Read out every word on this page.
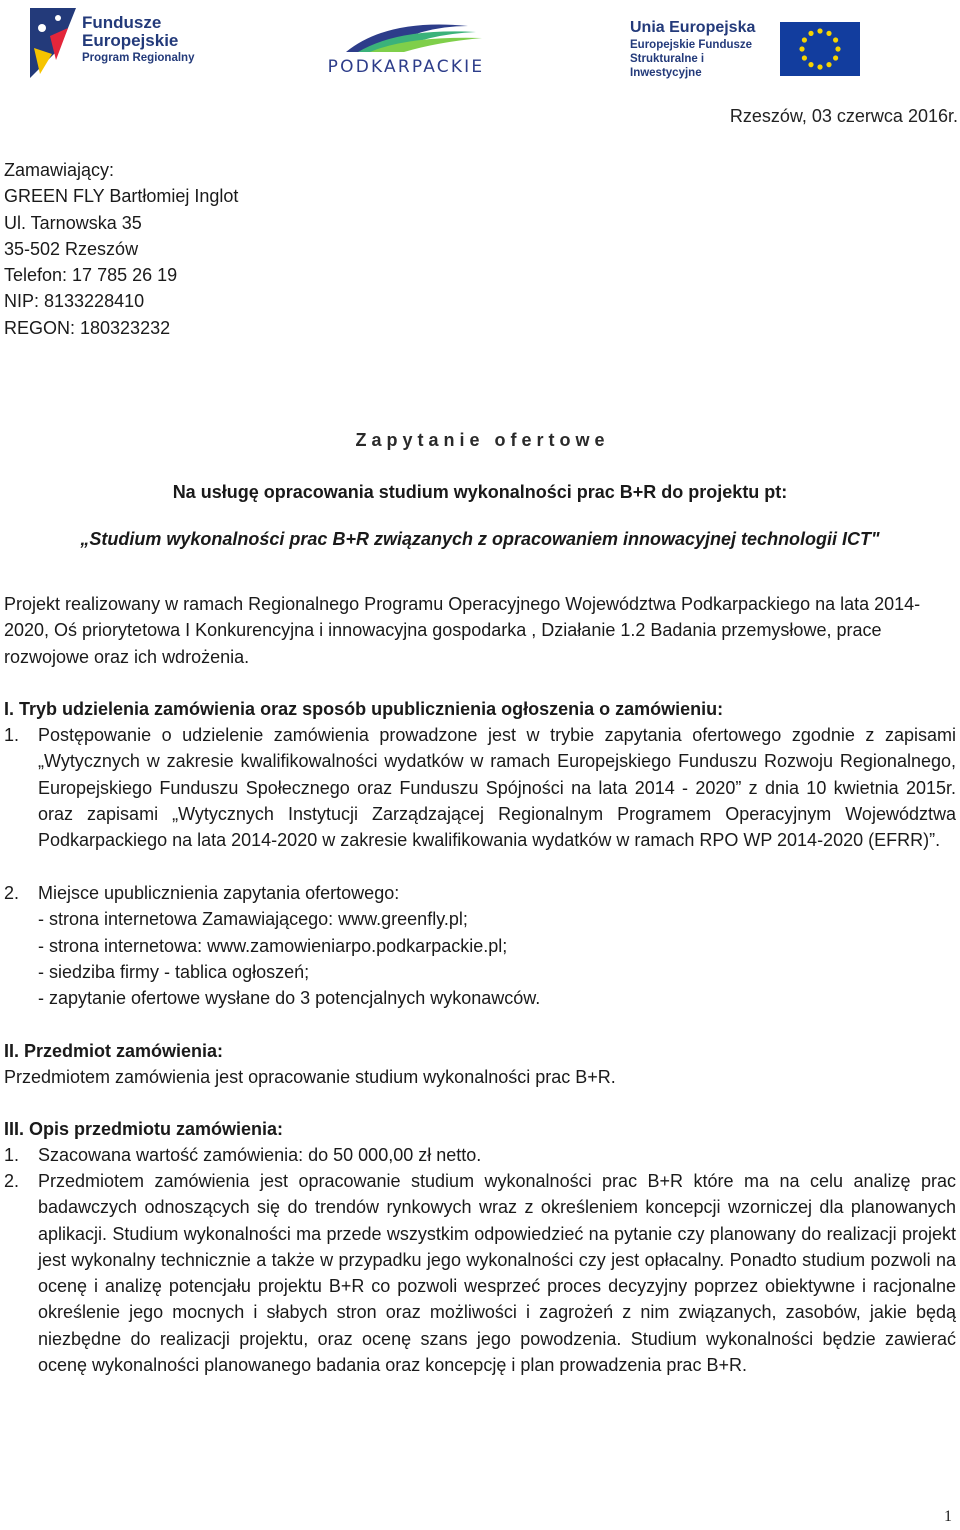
Fundusze
Europejskie
Program Regionalny	PODKARPACKIE
Unia Europejska
Europejskie Fundusze
Strukturalne i Inwestycyjne
Rzeszów, 03 czerwca 2016r.
Zamawiający:
GREEN FLY Bartłomiej Inglot
Ul. Tarnowska 35
35-502 Rzeszów
Telefon: 17 785 26 19
NIP: 8133228410
REGON: 180323232
Z a p y t a n i e   o f e r t o w e
Na usługę opracowania studium wykonalności prac B+R do projektu pt:
„Studium wykonalności prac B+R związanych z opracowaniem innowacyjnej technologii ICT"
Projekt realizowany w ramach Regionalnego Programu Operacyjnego Województwa Podkarpackiego na lata 2014-2020, Oś priorytetowa I Konkurencyjna i innowacyjna gospodarka , Działanie 1.2 Badania przemysłowe, prace rozwojowe oraz ich wdrożenia.
I. Tryb udzielenia zamówienia oraz sposób upublicznienia ogłoszenia o zamówieniu:
1. Postępowanie o udzielenie zamówienia prowadzone jest w trybie zapytania ofertowego zgodnie z zapisami „Wytycznych w zakresie kwalifikowalności wydatków w ramach Europejskiego Funduszu Rozwoju Regionalnego, Europejskiego Funduszu Społecznego oraz Funduszu Spójności na lata 2014 - 2020” z dnia 10 kwietnia 2015r. oraz zapisami „Wytycznych Instytucji Zarządzającej Regionalnym Programem Operacyjnym Województwa Podkarpackiego na lata 2014-2020 w zakresie kwalifikowania wydatków w ramach RPO WP 2014-2020 (EFRR)”.
2. Miejsce upublicznienia zapytania ofertowego:
- strona internetowa Zamawiającego: www.greenfly.pl;
- strona internetowa: www.zamowieniarpo.podkarpackie.pl;
- siedziba firmy - tablica ogłoszeń;
- zapytanie ofertowe wysłane do 3 potencjalnych wykonawców.
II. Przedmiot zamówienia:
Przedmiotem zamówienia jest opracowanie studium wykonalności prac B+R.
III. Opis przedmiotu zamówienia:
1. Szacowana wartość zamówienia: do 50 000,00 zł netto.
2. Przedmiotem zamówienia jest opracowanie studium wykonalności prac B+R które ma na celu analizę prac badawczych odnoszących się do trendów rynkowych wraz z określeniem koncepcji wzorniczej dla planowanych aplikacji. Studium wykonalności ma przede wszystkim odpowiedzieć na pytanie czy planowany do realizacji projekt jest wykonalny technicznie a także w przypadku jego wykonalności czy jest opłacalny. Ponadto studium pozwoli na ocenę i analizę potencjału projektu B+R co pozwoli wesprzeć proces decyzyjny poprzez obiektywne i racjonalne określenie jego mocnych i słabych stron oraz możliwości i zagrożeń z nim związanych, zasobów, jakie będą niezbędne do realizacji projektu, oraz ocenę szans jego powodzenia. Studium wykonalności będzie zawierać ocenę wykonalności planowanego badania oraz koncepcję i plan prowadzenia prac B+R.
1
